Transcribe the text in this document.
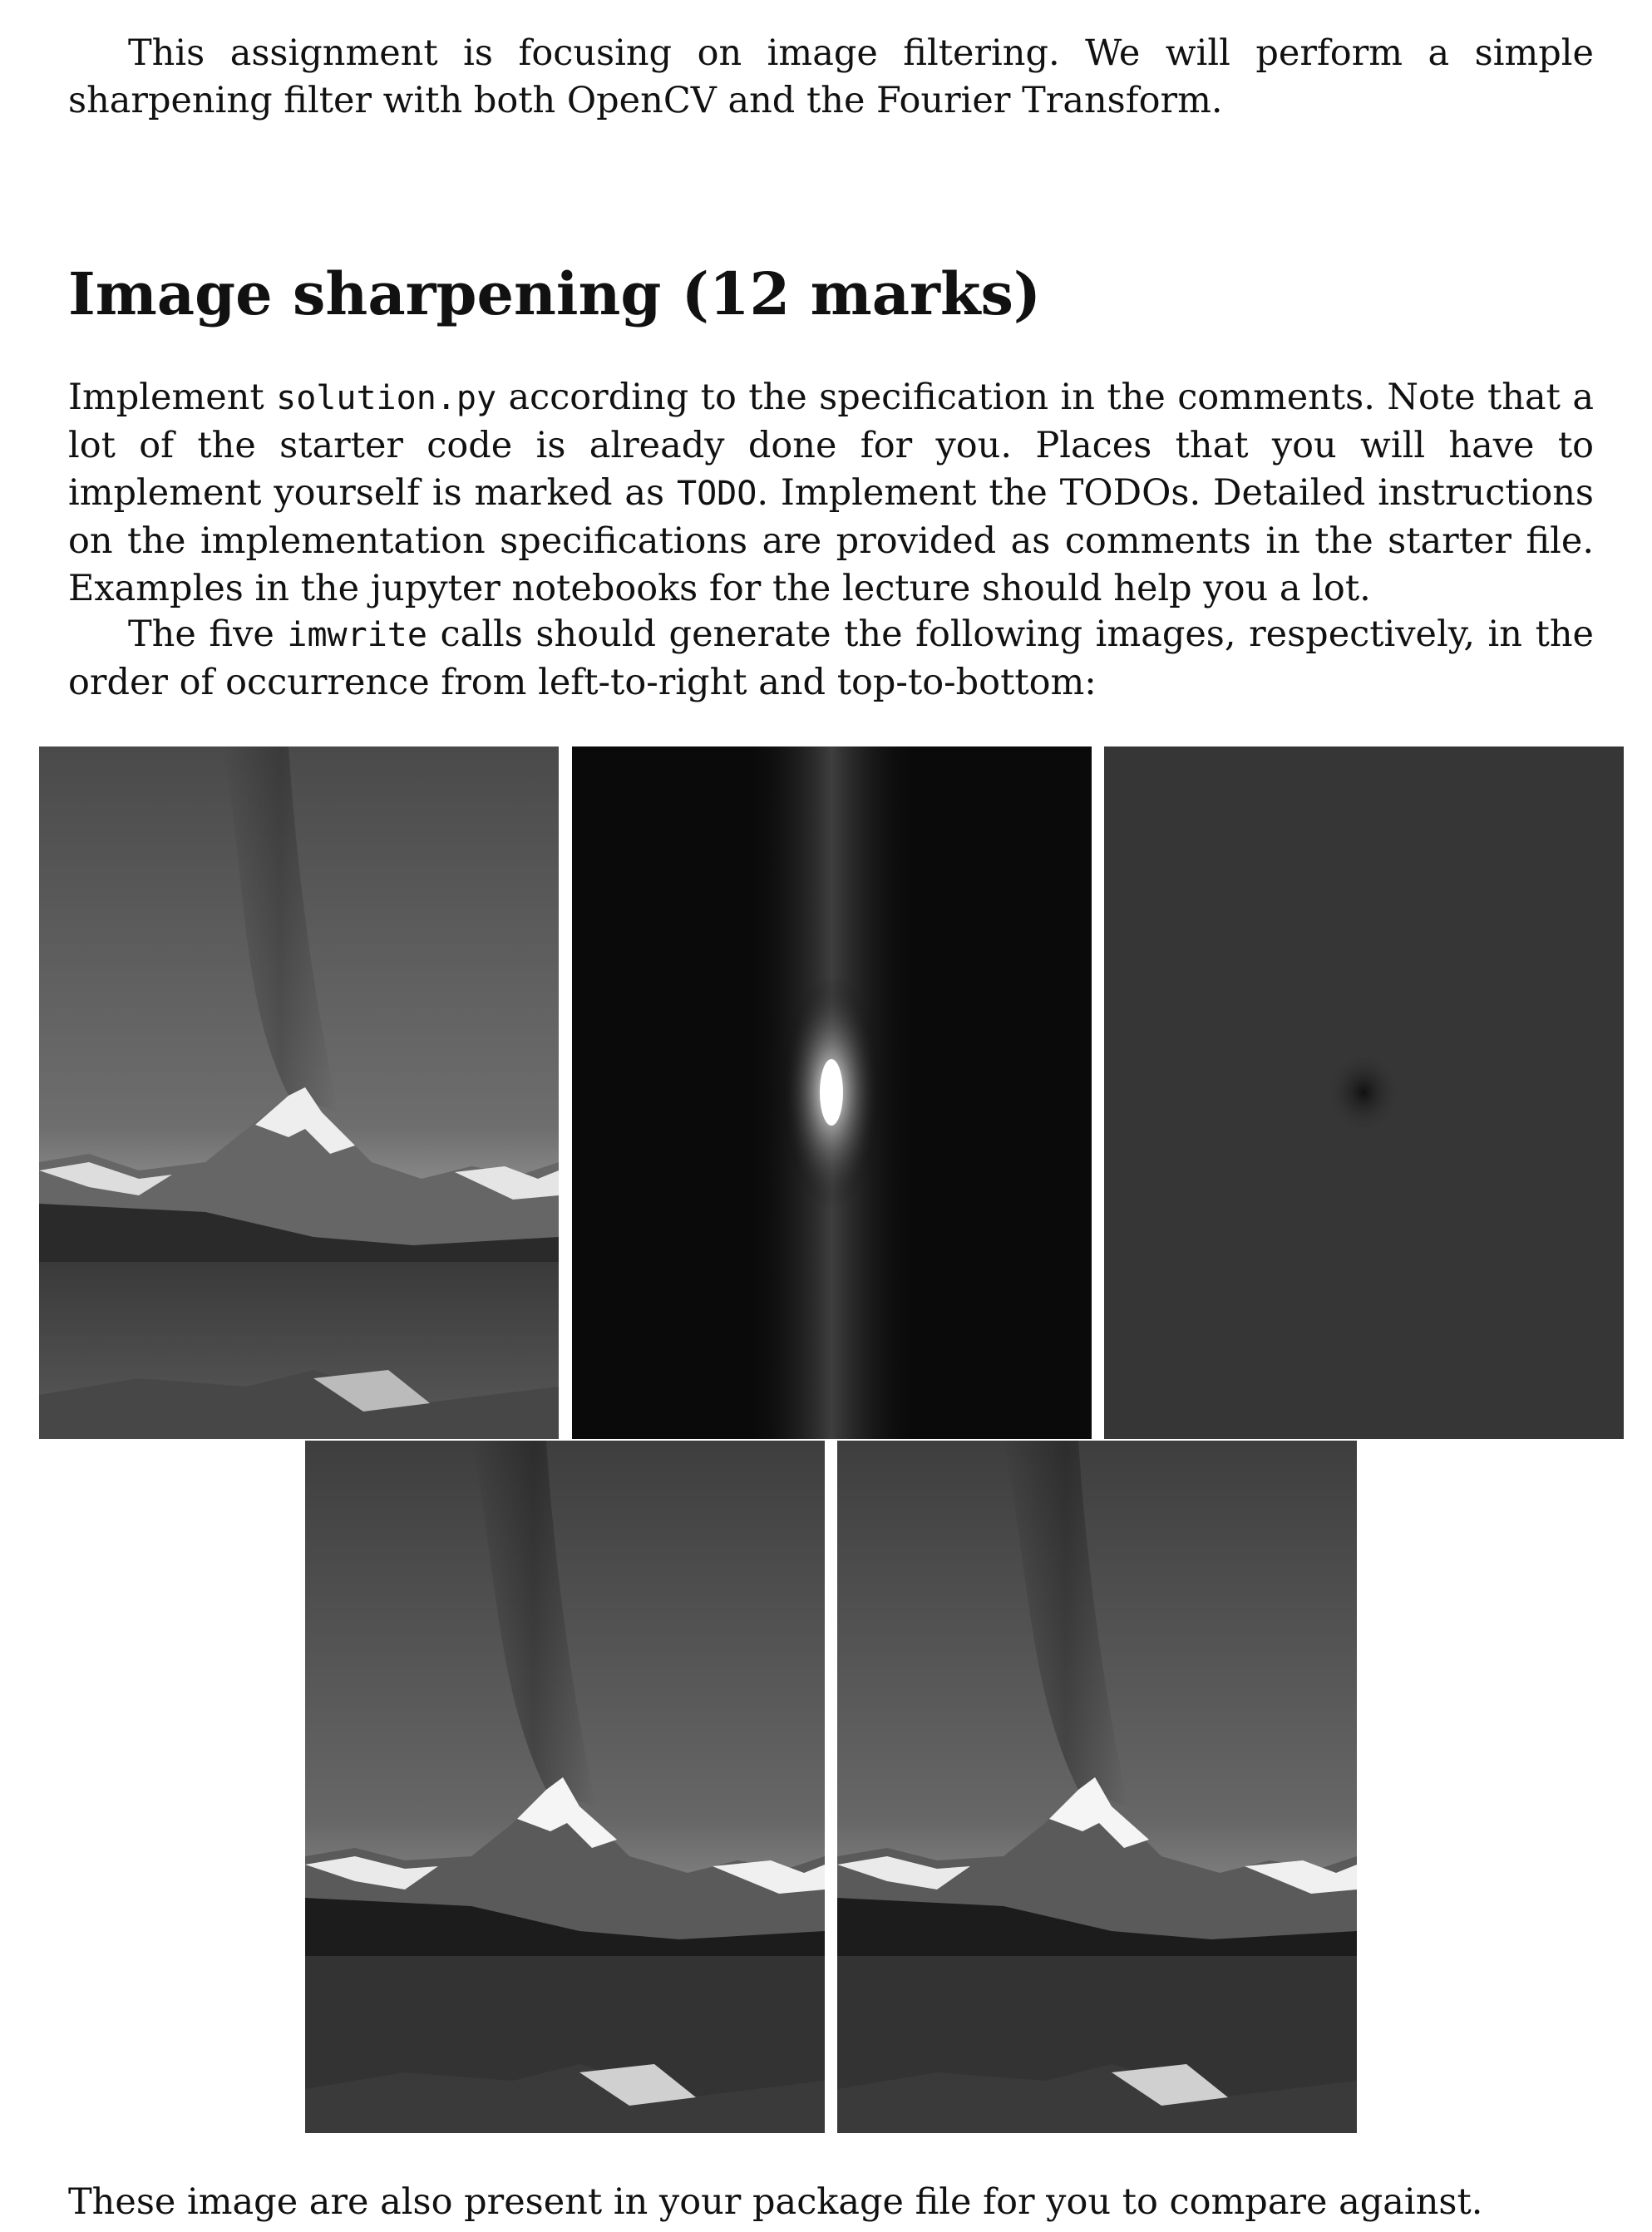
This assignment is focusing on image filtering. We will perform a simple sharpening filter with both OpenCV and the Fourier Transform.

Image sharpening (12 marks)

Implement solution.py according to the specification in the comments. Note that a lot of the starter code is already done for you. Places that you will have to implement yourself is marked as TODO. Implement the TODOs. Detailed instructions on the implementation specifications are provided as comments in the starter file. Examples in the jupyter notebooks for the lecture should help you a lot.

The five imwrite calls should generate the following images, respectively, in the order of occurrence from left-to-right and top-to-bottom:

These image are also present in your package file for you to compare against.
